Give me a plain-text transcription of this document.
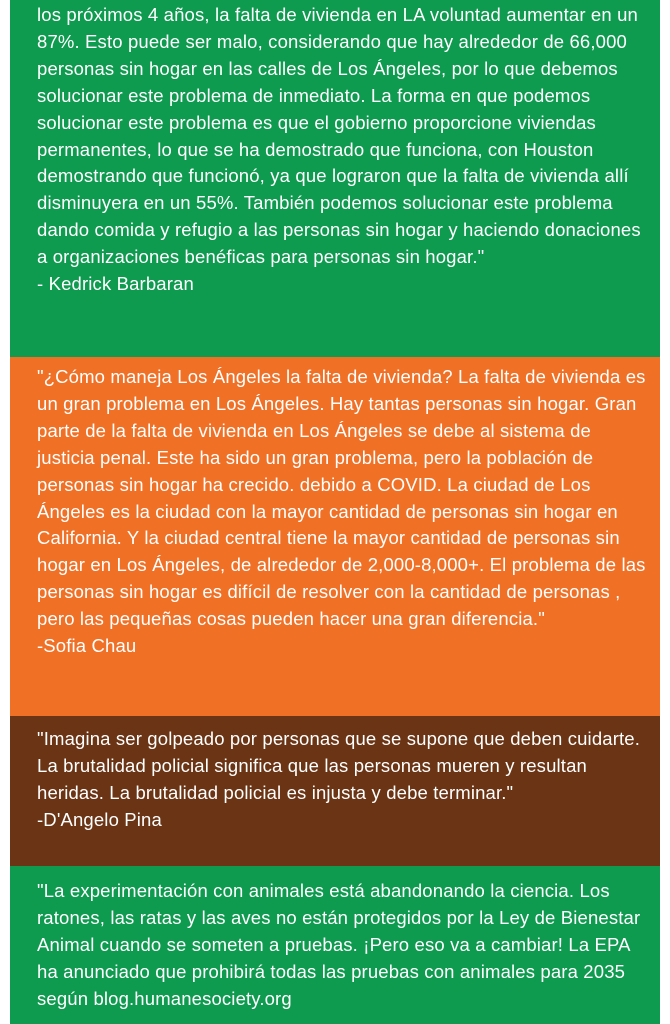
los próximos 4 años, la falta de vivienda en LA voluntad aumentar en un 87%. Esto puede ser malo, considerando que hay alrededor de 66,000 personas sin hogar en las calles de Los Ángeles, por lo que debemos solucionar este problema de inmediato. La forma en que podemos solucionar este problema es que el gobierno proporcione viviendas permanentes, lo que se ha demostrado que funciona, con Houston demostrando que funcionó, ya que lograron que la falta de vivienda allí disminuyera en un 55%. También podemos solucionar este problema dando comida y refugio a las personas sin hogar y haciendo donaciones a organizaciones benéficas para personas sin hogar."

- Kedrick Barbaran

"¿Cómo maneja Los Ángeles la falta de vivienda? La falta de vivienda es un gran problema en Los Ángeles. Hay tantas personas sin hogar. Gran parte de la falta de vivienda en Los Ángeles se debe al sistema de justicia penal. Este ha sido un gran problema, pero la población de personas sin hogar ha crecido. debido a COVID. La ciudad de Los Ángeles es la ciudad con la mayor cantidad de personas sin hogar en California. Y la ciudad central tiene la mayor cantidad de personas sin hogar en Los Ángeles, de alrededor de 2,000-8,000+. El problema de las personas sin hogar es difícil de resolver con la cantidad de personas , pero las pequeñas cosas pueden hacer una gran diferencia."

-Sofia Chau

"Imagina ser golpeado por personas que se supone que deben cuidarte. La brutalidad policial significa que las personas mueren y resultan heridas. La brutalidad policial es injusta y debe terminar."

-D'Angelo Pina

"La experimentación con animales está abandonando la ciencia. Los ratones, las ratas y las aves no están protegidos por la Ley de Bienestar Animal cuando se someten a pruebas. ¡Pero eso va a cambiar! La EPA ha anunciado que prohibirá todas las pruebas con animales para 2035 según blog.humanesociety.org
